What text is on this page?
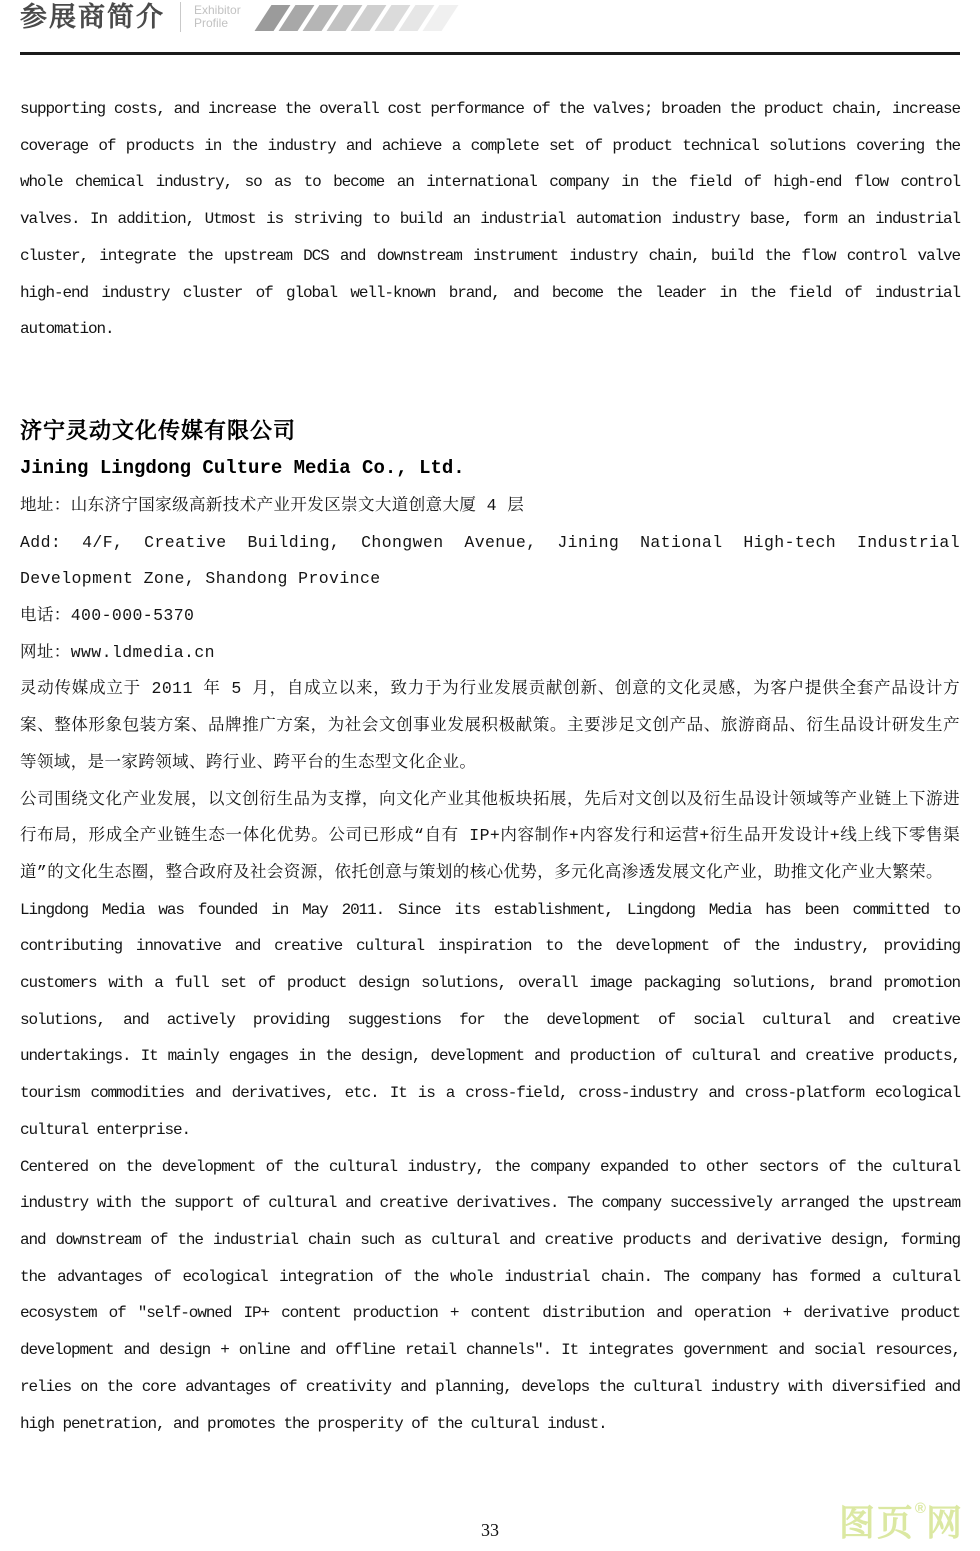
参展商简介 Exhibitor
Profile
supporting costs, and increase the overall cost performance of the valves; broaden the product chain, increase coverage of products in the industry and achieve a complete set of product technical solutions covering the whole chemical industry, so as to become an international company in the field of high-end flow control valves. In addition, Utmost is striving to build an industrial automation industry base, form an industrial cluster, integrate the upstream DCS and downstream instrument industry chain, build the flow control valve high-end industry cluster of global well-known brand, and become the leader in the field of industrial automation.
济宁灵动文化传媒有限公司
Jining Lingdong Culture Media Co., Ltd.
地址：山东济宁国家级高新技术产业开发区崇文大道创意大厦 4 层
Add: 4/F, Creative Building, Chongwen Avenue, Jining National High-tech Industrial Development Zone, Shandong Province
电话：400-000-5370
网址：www.ldmedia.cn
灵动传媒成立于 2011 年 5 月，自成立以来，致力于为行业发展贡献创新、创意的文化灵感，为客户提供全套产品设计方案、整体形象包装方案、品牌推广方案，为社会文创事业发展积极献策。主要涉足文创产品、旅游商品、衍生品设计研发生产等领域，是一家跨领域、跨行业、跨平台的生态型文化企业。
公司围绕文化产业发展，以文创衍生品为支撑，向文化产业其他板块拓展，先后对文创以及衍生品设计领域等产业链上下游进行布局，形成全产业链生态一体化优势。公司已形成“自有 IP+内容制作+内容发行和运营+衍生品开发设计+线上线下零售渠道”的文化生态圈，整合政府及社会资源，依托创意与策划的核心优势，多元化高渗透发展文化产业，助推文化产业大繁荣。
Lingdong Media was founded in May 2011. Since its establishment, Lingdong Media has been committed to contributing innovative and creative cultural inspiration to the development of the industry, providing customers with a full set of product design solutions, overall image packaging solutions, brand promotion solutions, and actively providing suggestions for the development of social cultural and creative undertakings. It mainly engages in the design, development and production of cultural and creative products, tourism commodities and derivatives, etc. It is a cross-field, cross-industry and cross-platform ecological cultural enterprise.
Centered on the development of the cultural industry, the company expanded to other sectors of the cultural industry with the support of cultural and creative derivatives. The company successively arranged the upstream and downstream of the industrial chain such as cultural and creative products and derivative design, forming the advantages of ecological integration of the whole industrial chain. The company has formed a cultural ecosystem of "self-owned IP+ content production + content distribution and operation + derivative product development and design + online and offline retail channels". It integrates government and social resources, relies on the core advantages of creativity and planning, develops the cultural industry with diversified and high penetration, and promotes the prosperity of the cultural indust.
33	图页®网
